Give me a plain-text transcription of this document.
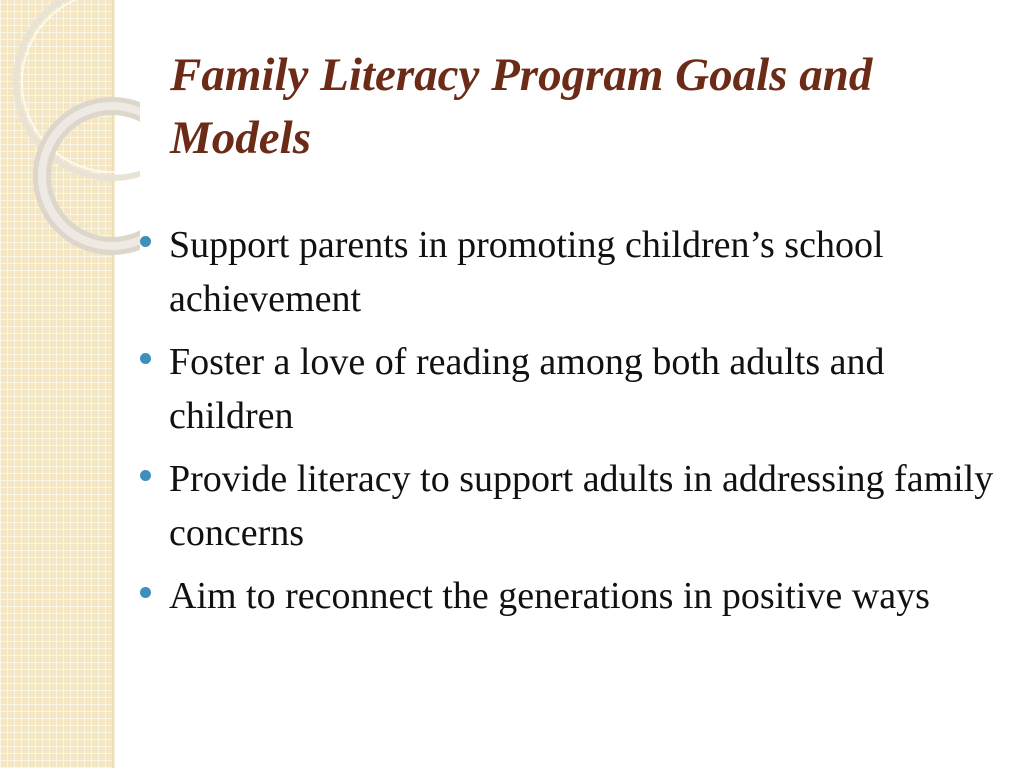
Family Literacy Program Goals and Models
Support parents in promoting children’s school achievement
Foster a love of reading among both adults and children
Provide literacy to support adults in addressing family concerns
Aim to reconnect the generations in positive ways
